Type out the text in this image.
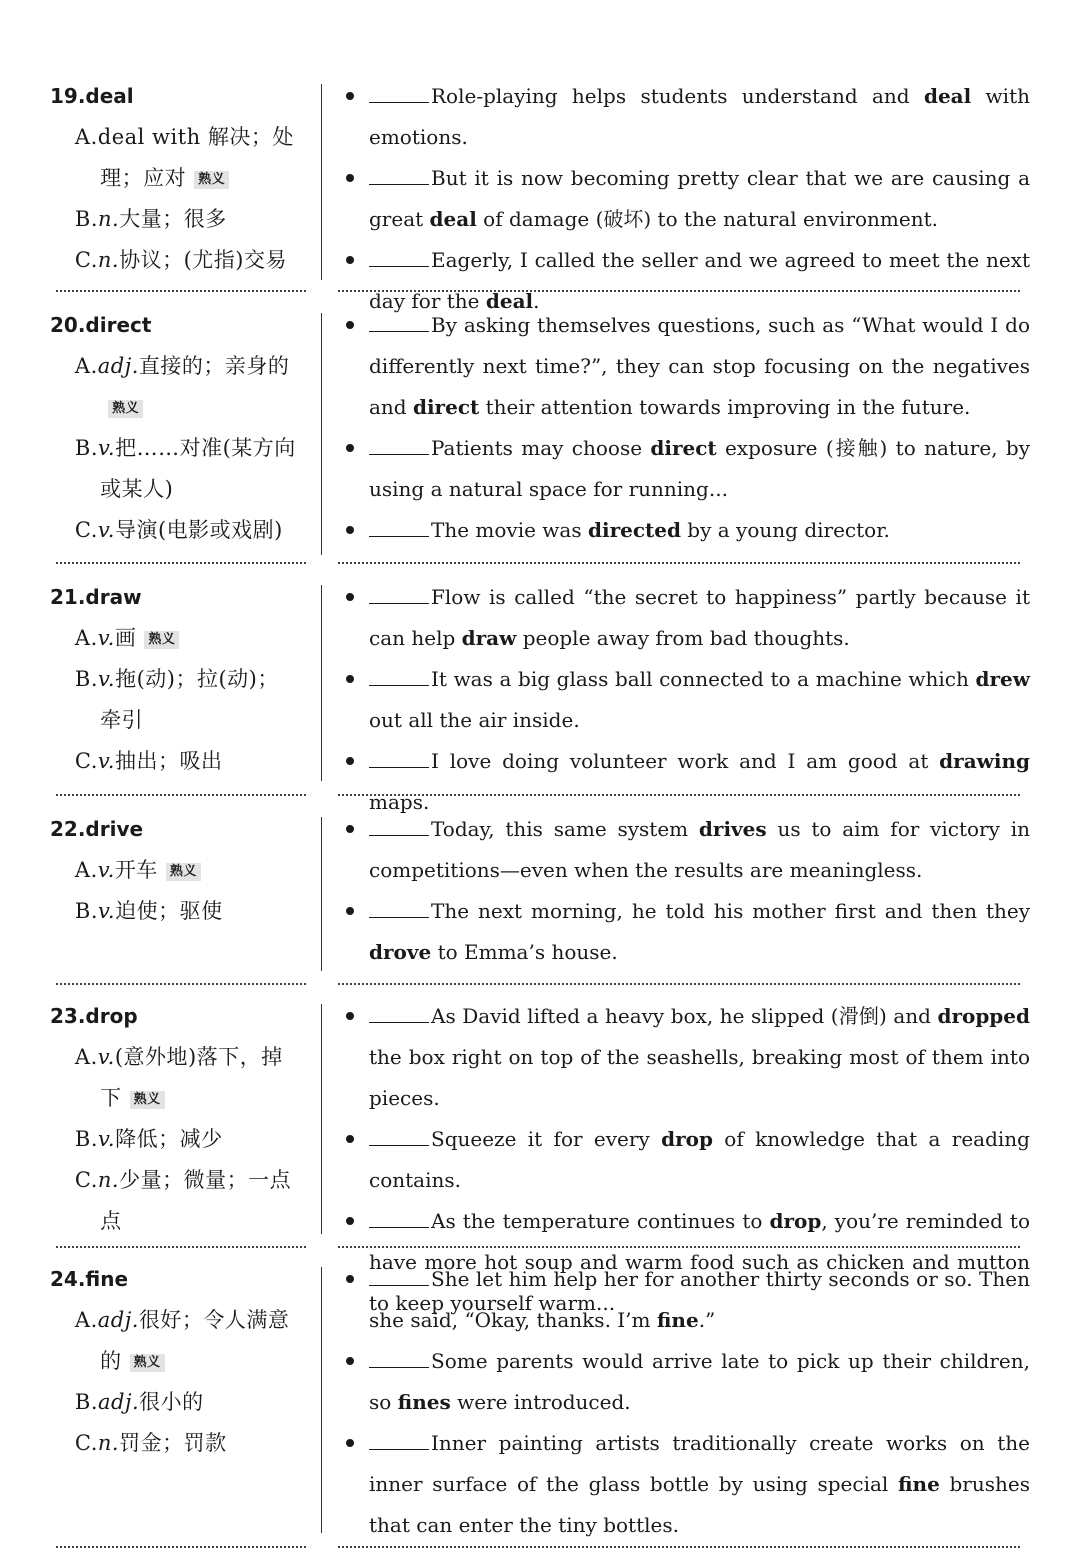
19.deal
A.deal with 解决；处理；应对 熟义
B.n.大量；很多
C.n.协议；(尤指)交易
Role-playing helps students understand and deal with emotions.
But it is now becoming pretty clear that we are causing a great deal of damage (破坏) to the natural environment.
Eagerly, I called the seller and we agreed to meet the next day for the deal.
20.direct
A.adj.直接的；亲身的熟义
B.v.把……对准(某方向或某人)
C.v.导演(电影或戏剧)
By asking themselves questions, such as “What would I do differently next time?”, they can stop focusing on the negatives and direct their attention towards improving in the future.
Patients may choose direct exposure (接触) to nature, by using a natural space for running...
The movie was directed by a young director.
21.draw
A.v.画 熟义
B.v.拖(动)；拉(动)；牵引
C.v.抽出；吸出
Flow is called “the secret to happiness” partly because it can help draw people away from bad thoughts.
It was a big glass ball connected to a machine which drew out all the air inside.
I love doing volunteer work and I am good at drawing maps.
22.drive
A.v.开车 熟义
B.v.迫使；驱使
Today, this same system drives us to aim for victory in competitions—even when the results are meaningless.
The next morning, he told his mother first and then they drove to Emma’s house.
23.drop
A.v.(意外地)落下，掉下 熟义
B.v.降低；减少
C.n.少量；微量；一点点
As David lifted a heavy box, he slipped (滑倒) and dropped the box right on top of the seashells, breaking most of them into pieces.
Squeeze it for every drop of knowledge that a reading contains.
As the temperature continues to drop, you’re reminded to have more hot soup and warm food such as chicken and mutton to keep yourself warm...
24.fine
A.adj.很好；令人满意的 熟义
B.adj.很小的
C.n.罚金；罚款
She let him help her for another thirty seconds or so. Then she said, “Okay, thanks. I’m fine.”
Some parents would arrive late to pick up their children, so fines were introduced.
Inner painting artists traditionally create works on the inner surface of the glass bottle by using special fine brushes that can enter the tiny bottles.
